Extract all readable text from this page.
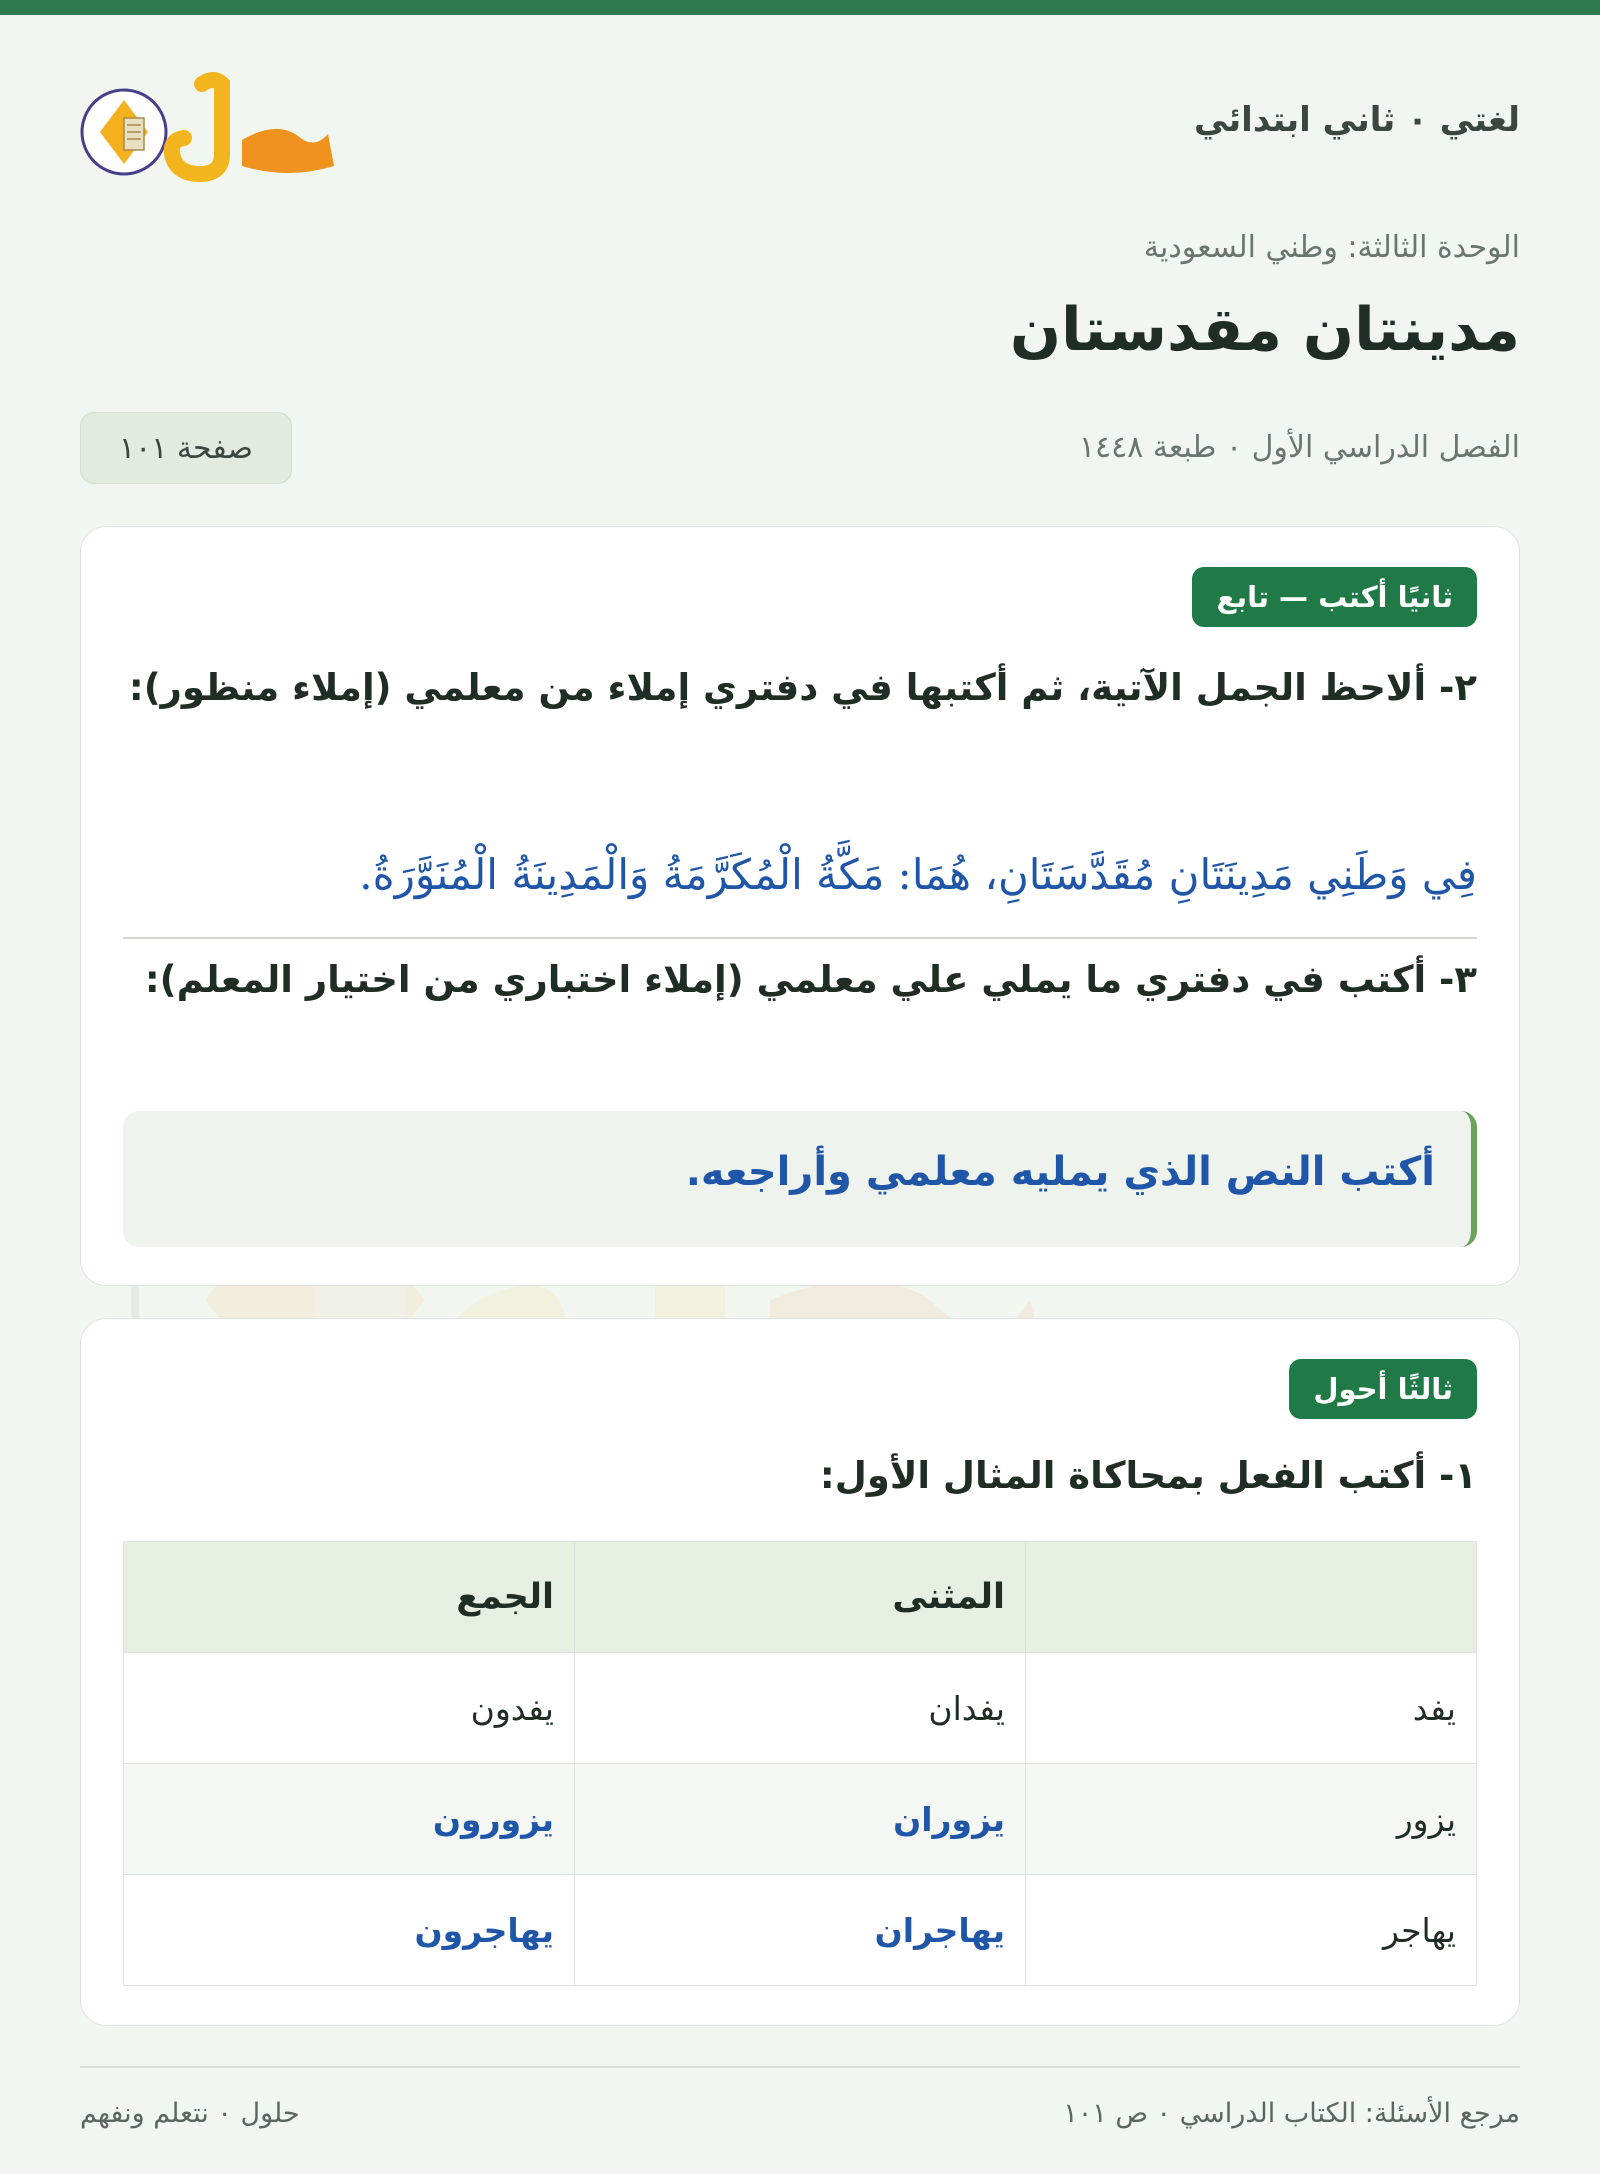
لغتي ٠ ثاني ابتدائي
الوحدة الثالثة: وطني السعودية
مدينتان مقدستان
الفصل الدراسي الأول ٠ طبعة ١٤٤٨
صفحة ١٠١
ثانيًا أكتب — تابع

٢- ألاحظ الجمل الآتية، ثم أكتبها في دفتري إملاء من معلمي (إملاء منظور):

فِي وَطَنِي مَدِينَتَانِ مُقَدَّسَتَانِ، هُمَا: مَكَّةُ الْمُكَرَّمَةُ وَالْمَدِينَةُ الْمُنَوَّرَةُ.

٣- أكتب في دفتري ما يملي علي معلمي (إملاء اختباري من اختيار المعلم):

أكتب النص الذي يمليه معلمي وأراجعه.
ثالثًا أحول

١- أكتب الفعل بمحاكاة المثال الأول:

	المثنى	الجمع
يفد	يفدان	يفدون
يزور	يزوران	يزورون
يهاجر	يهاجران	يهاجرون
مرجع الأسئلة: الكتاب الدراسي ٠ ص ١٠١
حلول ٠ نتعلم ونفهم
